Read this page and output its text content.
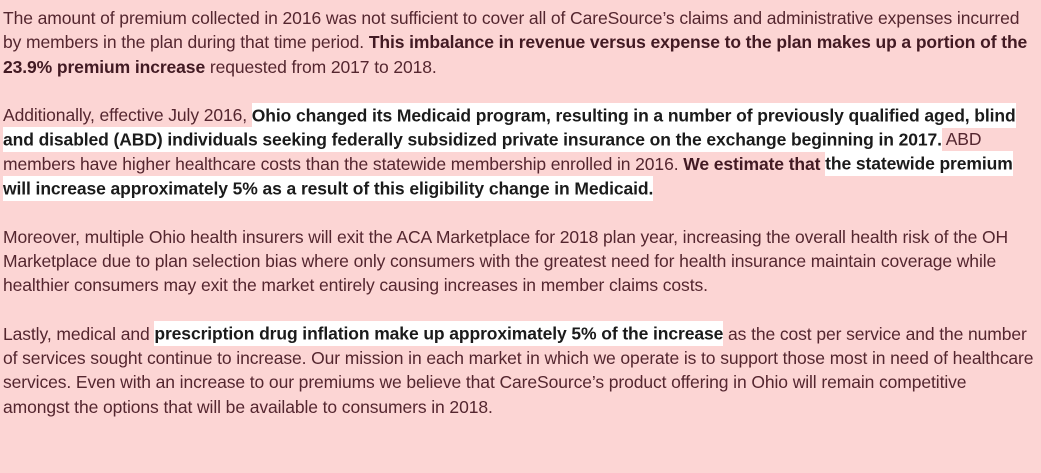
The amount of premium collected in 2016 was not sufficient to cover all of CareSource’s claims and administrative expenses incurred by members in the plan during that time period. This imbalance in revenue versus expense to the plan makes up a portion of the 23.9% premium increase requested from 2017 to 2018.

Additionally, effective July 2016, Ohio changed its Medicaid program, resulting in a number of previously qualified aged, blind and disabled (ABD) individuals seeking federally subsidized private insurance on the exchange beginning in 2017. ABD members have higher healthcare costs than the statewide membership enrolled in 2016. We estimate that the statewide premium will increase approximately 5% as a result of this eligibility change in Medicaid.

Moreover, multiple Ohio health insurers will exit the ACA Marketplace for 2018 plan year, increasing the overall health risk of the OH Marketplace due to plan selection bias where only consumers with the greatest need for health insurance maintain coverage while healthier consumers may exit the market entirely causing increases in member claims costs.

Lastly, medical and prescription drug inflation make up approximately 5% of the increase as the cost per service and the number of services sought continue to increase. Our mission in each market in which we operate is to support those most in need of healthcare services. Even with an increase to our premiums we believe that CareSource’s product offering in Ohio will remain competitive amongst the options that will be available to consumers in 2018.
